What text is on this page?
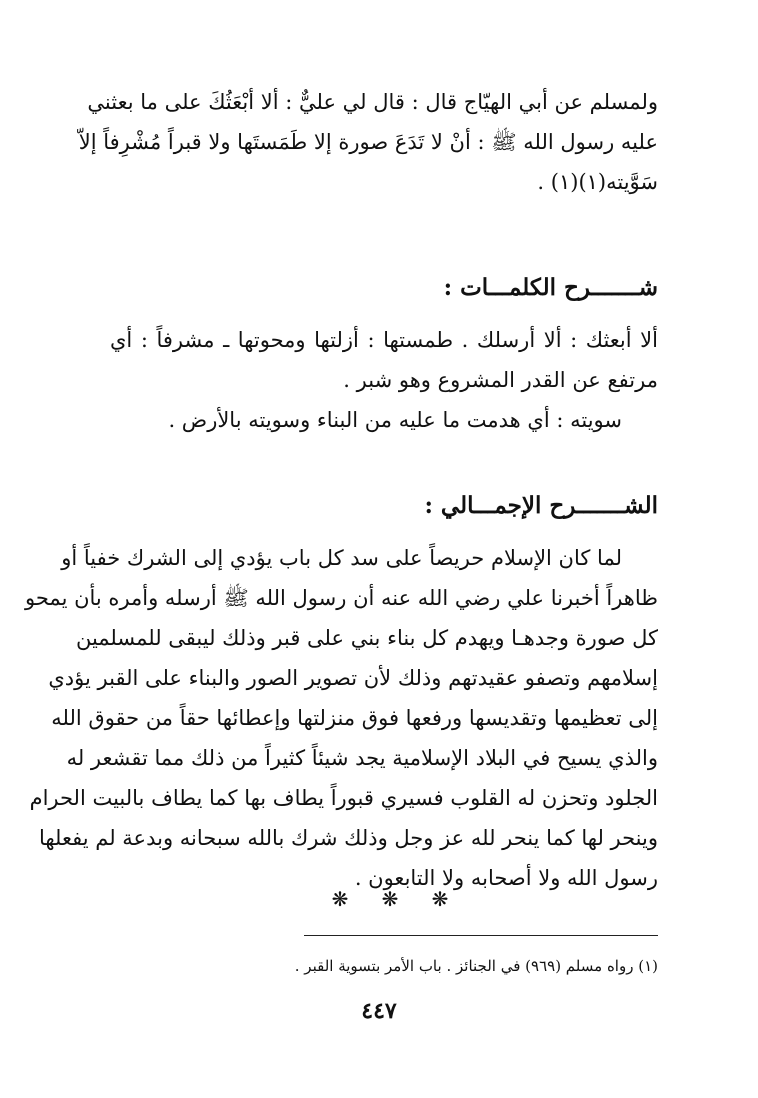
ولمسلم عن أبي الهيّاج قال : قال لي عليٌّ : ألا أبْعَثُكَ على ما بعثني
عليه رسول الله ﷺ : أنْ لا تَدَعَ صورة إلا طَمَستَها ولا قبراً مُشْرِفاً إلاّ
سَوَّيته(١)(١) .
شـــــــرح الكلمـــات :
ألا أبعثك : ألا أرسلك . طمستها : أزلتها ومحوتها ـ مشرفاً : أي
مرتفع عن القدر المشروع وهو شبر .
سويته : أي هدمت ما عليه من البناء وسويته بالأرض .
الشـــــــرح الإجمـــالي :
لما كان الإسلام حريصاً على سد كل باب يؤدي إلى الشرك خفياً أو
ظاهراً أخبرنا علي رضي الله عنه أن رسول الله ﷺ أرسله وأمره بأن يمحو
كل صورة وجدهـا ويهدم كل بناء بني على قبر وذلك ليبقى للمسلمين
إسلامهم وتصفو عقيدتهم وذلك لأن تصوير الصور والبناء على القبر يؤدي
إلى تعظيمها وتقديسها ورفعها فوق منزلتها وإعطائها حقاً من حقوق الله
والذي يسيح في البلاد الإسلامية يجد شيئاً كثيراً من ذلك مما تقشعر له
الجلود وتحزن له القلوب فسيري قبوراً يطاف بها كما يطاف بالبيت الحرام
وينحر لها كما ينحر لله عز وجل وذلك شرك بالله سبحانه وبدعة لم يفعلها
رسول الله ولا أصحابه ولا التابعون .
❋ ❋ ❋
(١) رواه مسلم (٩٦٩) في الجنائز . باب الأمر بتسوية القبر .
٤٤٧
